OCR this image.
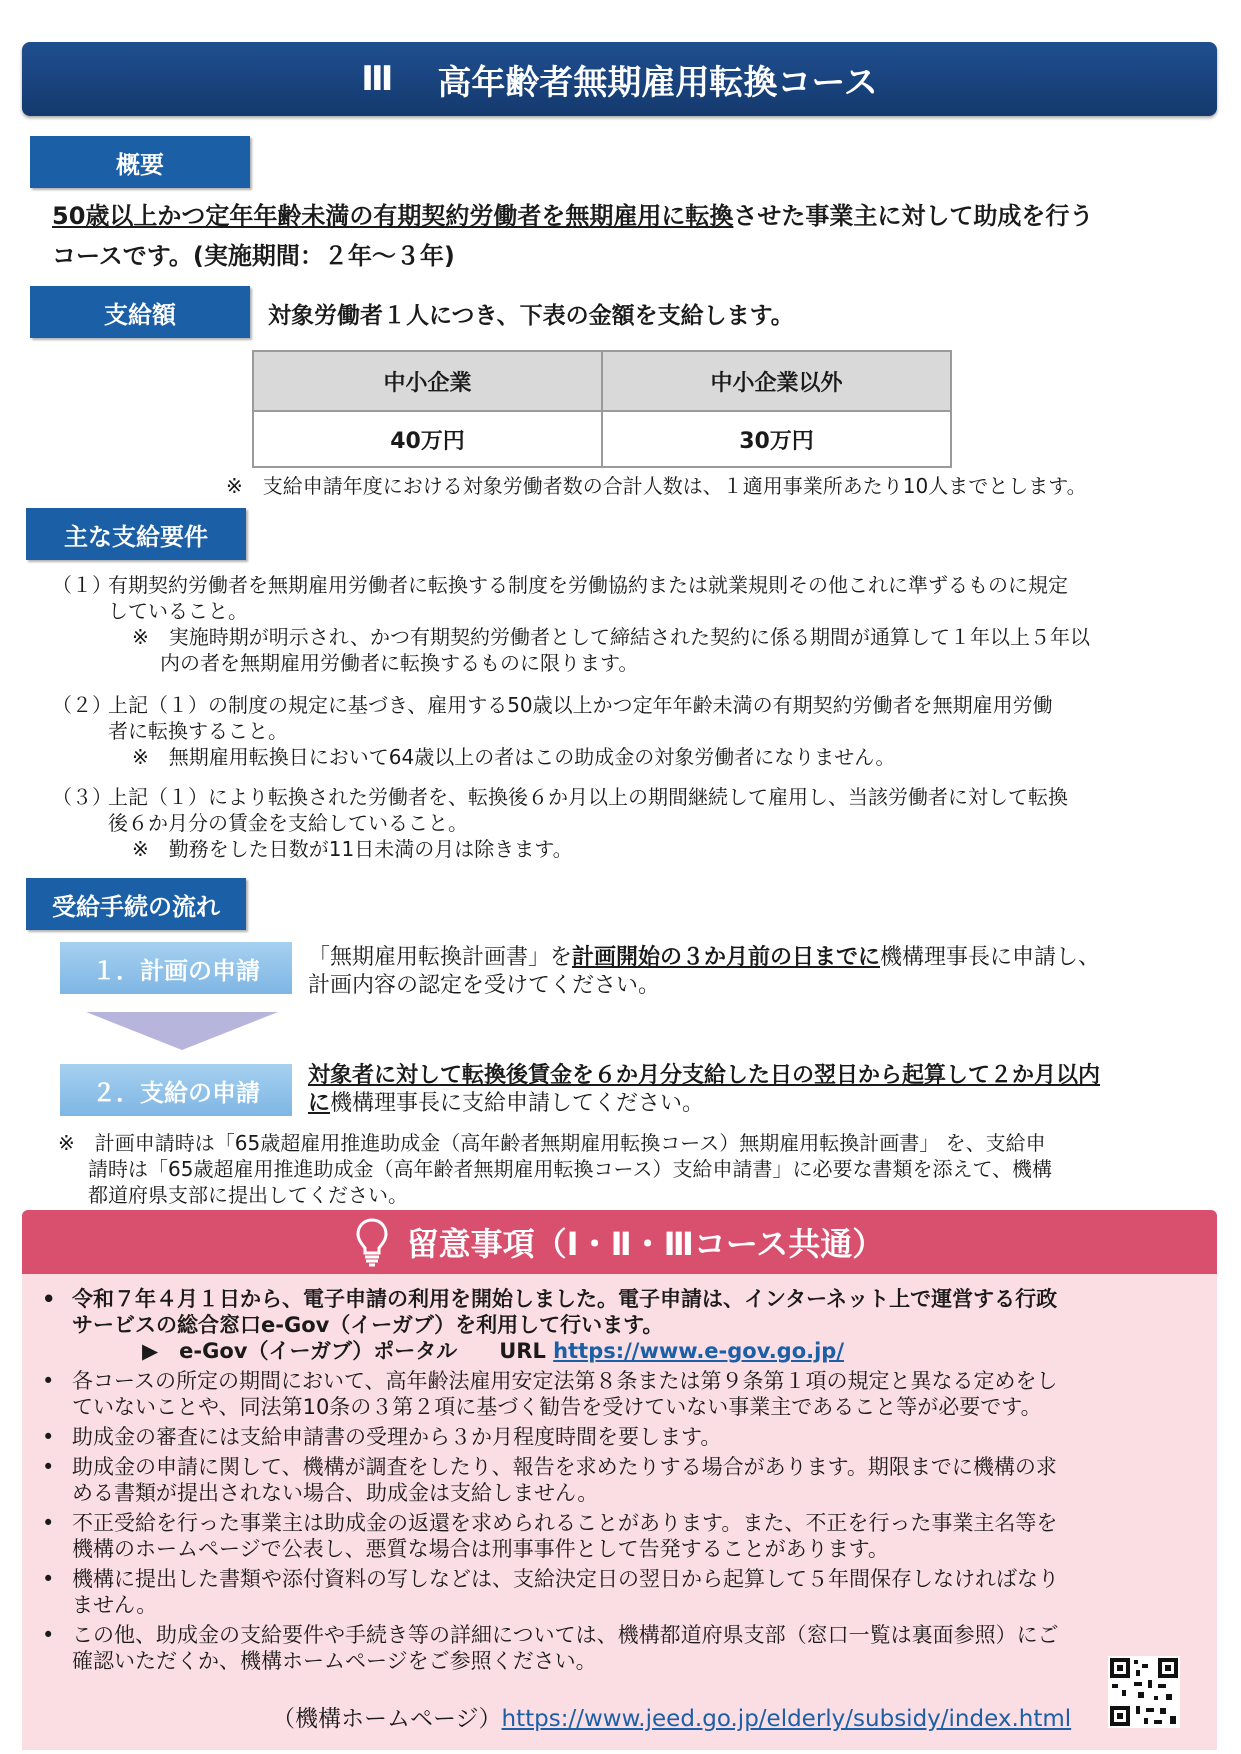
Ⅲ 高年齢者無期雇用転換コース
概要
50歳以上かつ定年年齢未満の有期契約労働者を無期雇用に転換させた事業主に対して助成を行う
コースです。(実施期間：２年～３年)
支給額	対象労働者１人につき、下表の金額を支給します。
中小企業	中小企業以外
40万円	30万円
※　支給申請年度における対象労働者数の合計人数は、１適用事業所あたり10人までとします。
主な支給要件
（１）
有期契約労働者を無期雇用労働者に転換する制度を労働協約または就業規則その他これに準ずるものに規定
していること。
※　実施時期が明示され、かつ有期契約労働者として締結された契約に係る期間が通算して１年以上５年以
内の者を無期雇用労働者に転換するものに限ります。
（２）
上記（１）の制度の規定に基づき、雇用する50歳以上かつ定年年齢未満の有期契約労働者を無期雇用労働
者に転換すること。
※　無期雇用転換日において64歳以上の者はこの助成金の対象労働者になりません。
（３）
上記（１）により転換された労働者を、転換後６か月以上の期間継続して雇用し、当該労働者に対して転換
後６か月分の賃金を支給していること。
※　勤務をした日数が11日未満の月は除きます。
受給手続の流れ
１．計画の申請	「無期雇用転換計画書」を計画開始の３か月前の日までに機構理事長に申請し、
計画内容の認定を受けてください。
２．支給の申請
対象者に対して転換後賃金を６か月分支給した日の翌日から起算して２か月以内
に機構理事長に支給申請してください。
※　計画申請時は「65歳超雇用推進助成金（高年齢者無期雇用転換コース）無期雇用転換計画書」 を、支給申
請時は「65歳超雇用推進助成金（高年齢者無期雇用転換コース）支給申請書」に必要な書類を添えて、機構
都道府県支部に提出してください。
留意事項（Ⅰ・Ⅱ・Ⅲコース共通）
• 令和７年４月１日から、電子申請の利用を開始しました。電子申請は、インターネット上で運営する行政
サービスの総合窓口e-Gov（イーガブ）を利用して行います。
▶　e-Gov（イーガブ）ポータル　　URL https://www.e-gov.go.jp/
• 各コースの所定の期間において、高年齢法雇用安定法第８条または第９条第１項の規定と異なる定めをし
ていないことや、同法第10条の３第２項に基づく勧告を受けていない事業主であること等が必要です。
• 助成金の審査には支給申請書の受理から３か月程度時間を要します。
• 助成金の申請に関して、機構が調査をしたり、報告を求めたりする場合があります。期限までに機構の求
める書類が提出されない場合、助成金は支給しません。
• 不正受給を行った事業主は助成金の返還を求められることがあります。また、不正を行った事業主名等を
機構のホームページで公表し、悪質な場合は刑事事件として告発することがあります。
• 機構に提出した書類や添付資料の写しなどは、支給決定日の翌日から起算して５年間保存しなければなり
ません。
• この他、助成金の支給要件や手続き等の詳細については、機構都道府県支部（窓口一覧は裏面参照）にご
確認いただくか、機構ホームページをご参照ください。
（機構ホームページ）https://www.jeed.go.jp/elderly/subsidy/index.html
